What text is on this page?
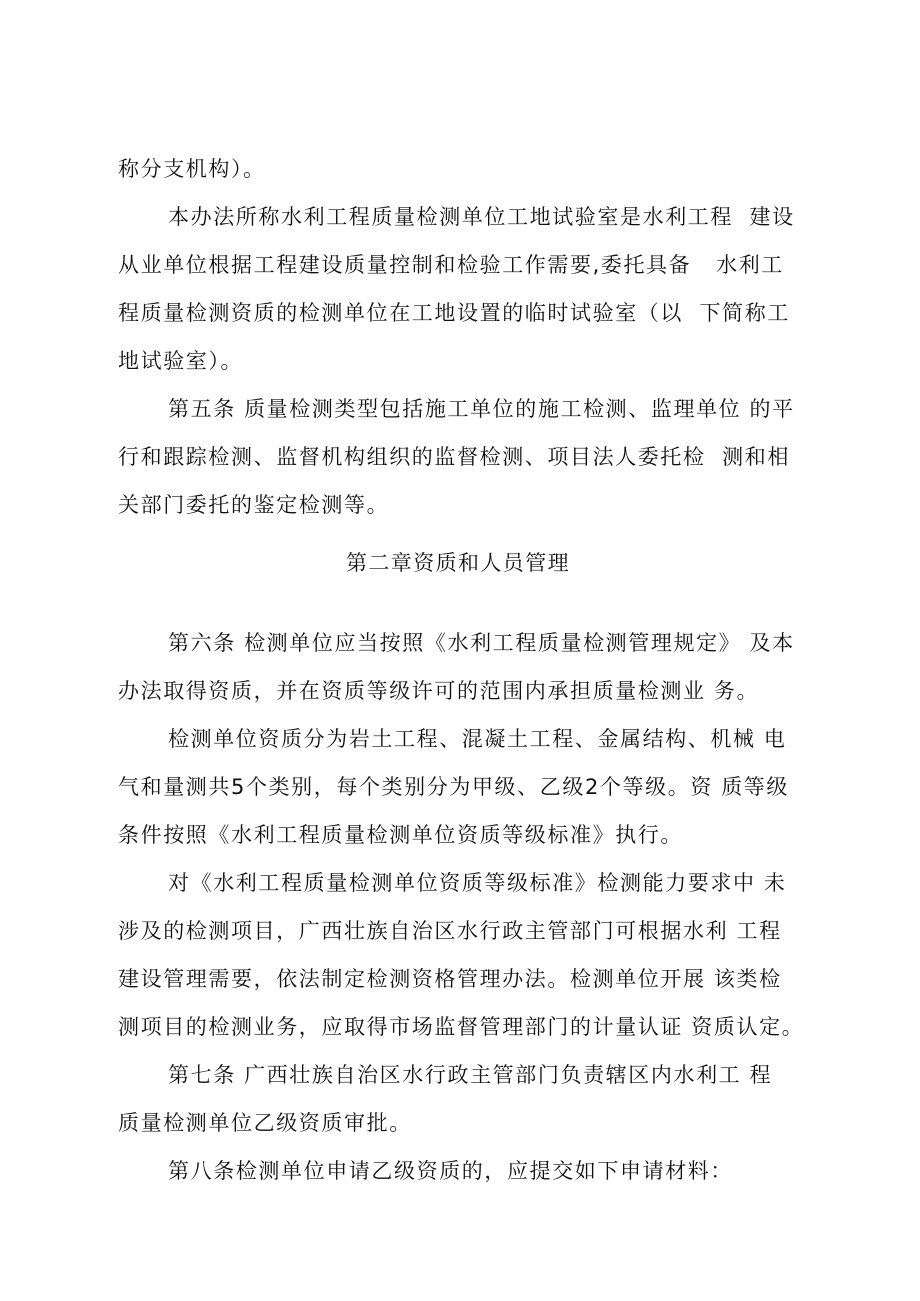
称分支机构）。
本办法所称水利工程质量检测单位工地试验室是水利工程  建设
从业单位根据工程建设质量控制和检验工作需要,委托具备   水利工
程质量检测资质的检测单位在工地设置的临时试验室（以  下简称工
地试验室）。
第五条 质量检测类型包括施工单位的施工检测、监理单位 的平
行和跟踪检测、监督机构组织的监督检测、项目法人委托检  测和相
关部门委托的鉴定检测等。
第二章资质和人员管理
第六条 检测单位应当按照《水利工程质量检测管理规定》 及本
办法取得资质，并在资质等级许可的范围内承担质量检测业 务。
检测单位资质分为岩土工程、混凝土工程、金属结构、机械 电
气和量测共5个类别，每个类别分为甲级、乙级2个等级。资 质等级
条件按照《水利工程质量检测单位资质等级标准》执行。
对《水利工程质量检测单位资质等级标准》检测能力要求中 未
涉及的检测项目，广西壮族自治区水行政主管部门可根据水利 工程
建设管理需要，依法制定检测资格管理办法。检测单位开展 该类检
测项目的检测业务，应取得市场监督管理部门的计量认证 资质认定。
第七条 广西壮族自治区水行政主管部门负责辖区内水利工 程
质量检测单位乙级资质审批。
第八条检测单位申请乙级资质的，应提交如下申请材料：
